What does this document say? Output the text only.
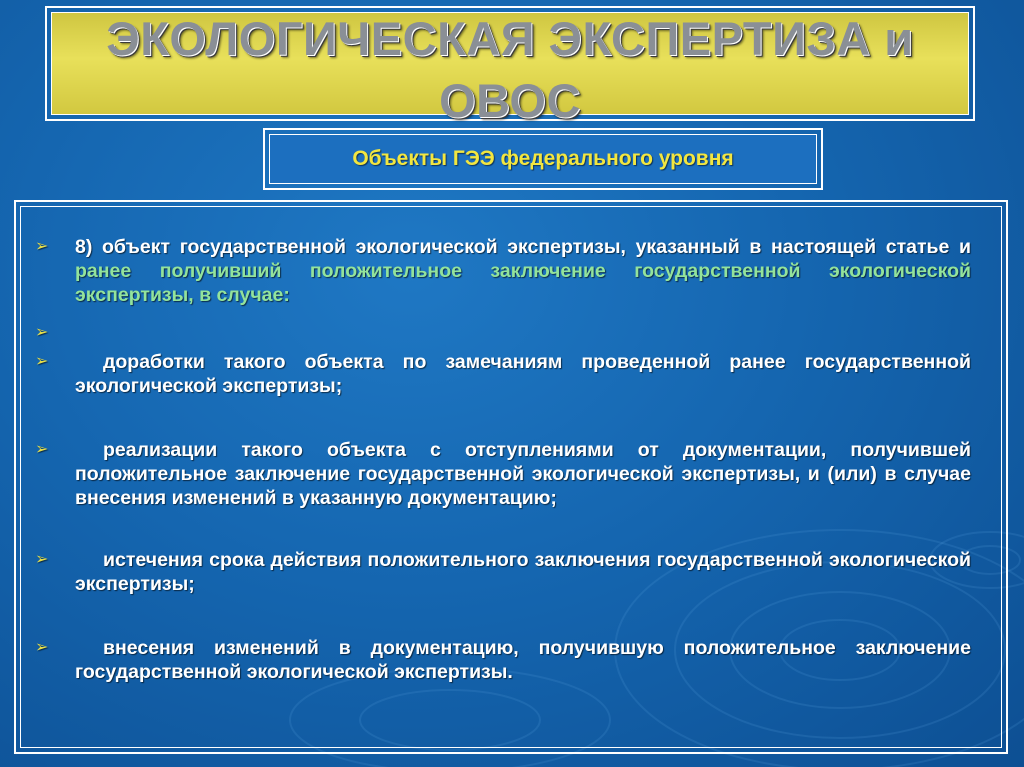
ЭКОЛОГИЧЕСКАЯ ЭКСПЕРТИЗА и
ОВОС
Объекты ГЭЭ федерального уровня
➢ 8) объект государственной экологической экспертизы, указанный в настоящей статье и ранее получивший положительное заключение государственной экологической экспертизы, в случае:
➢
➢	доработки такого объекта по замечаниям проведенной ранее государственной экологической экспертизы;
➢	реализации такого объекта с отступлениями от документации, получившей положительное заключение государственной экологической экспертизы, и (или) в случае внесения изменений в указанную документацию;
➢	истечения срока действия положительного заключения государственной экологической экспертизы;
➢	внесения изменений в документацию, получившую положительное заключение государственной экологической экспертизы.
